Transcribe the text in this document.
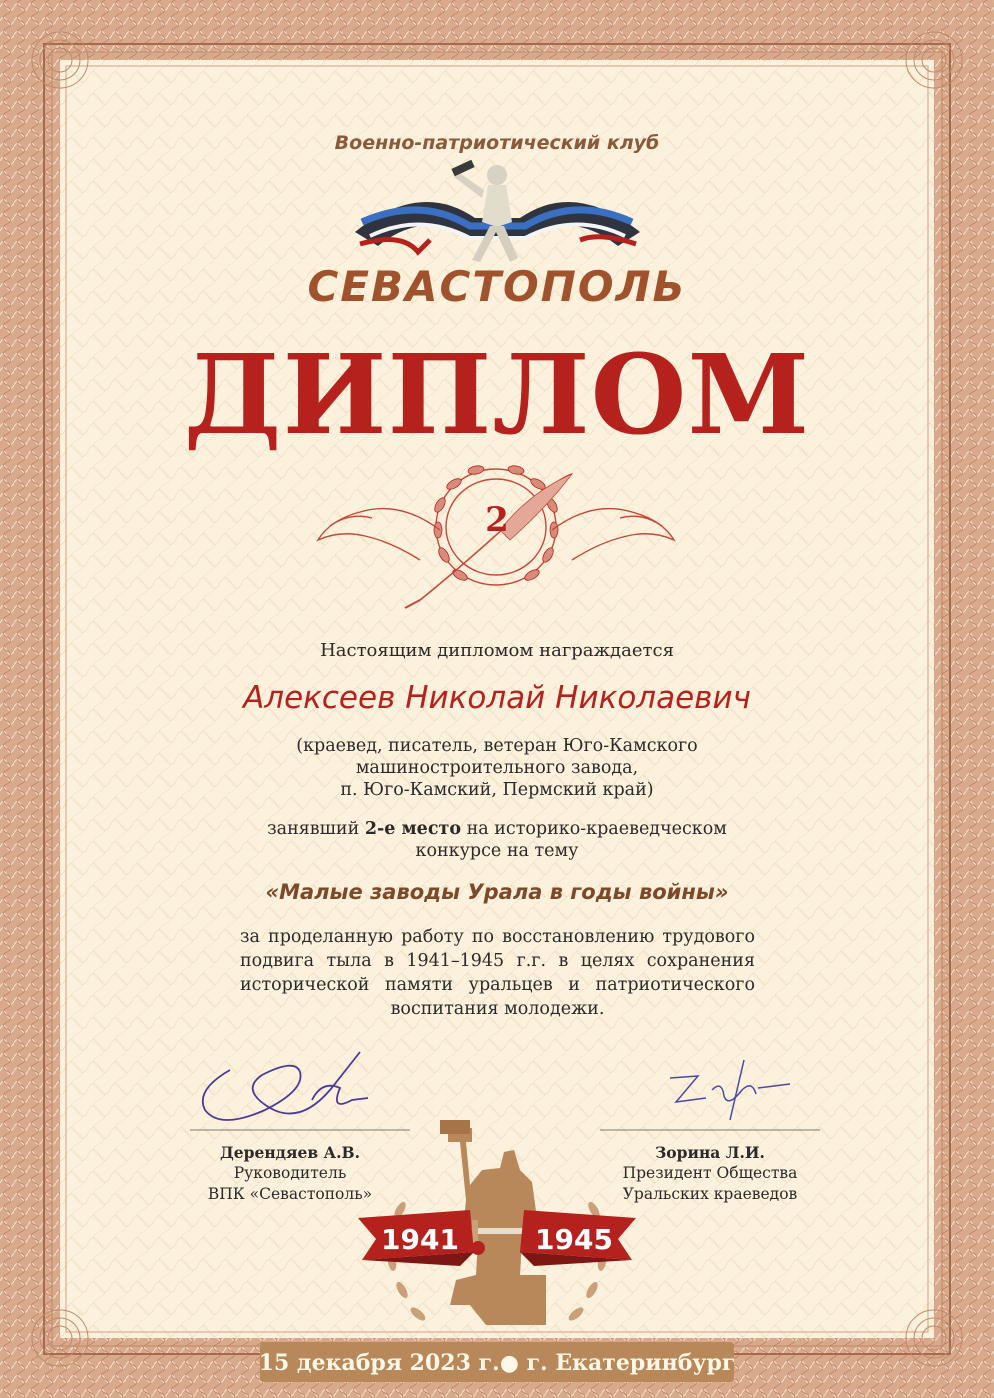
1941	1945
Военно-патриотический клуб
СЕВАСТОПОЛЬ
ДИПЛОМ
2
Настоящим дипломом награждается
Алексеев Николай Николаевич
(краевед, писатель, ветеран Юго-Камского
машиностроительного завода,
п. Юго-Камский, Пермский край)
занявший 2-е место на историко-краеведческом
конкурсе на тему
«Малые заводы Урала в годы войны»
за проделанную работу по восстановлению трудового подвига тыла в 1941–1945 г.г. в целях сохранения исторической памяти уральцев и патриотического воспитания молодежи.
Дерендяев А.В.
Руководитель
ВПК «Севастополь»
Зорина Л.И.
Президент Общества
Уральских краеведов
15 декабря 2023 г.● г. Екатеринбург
